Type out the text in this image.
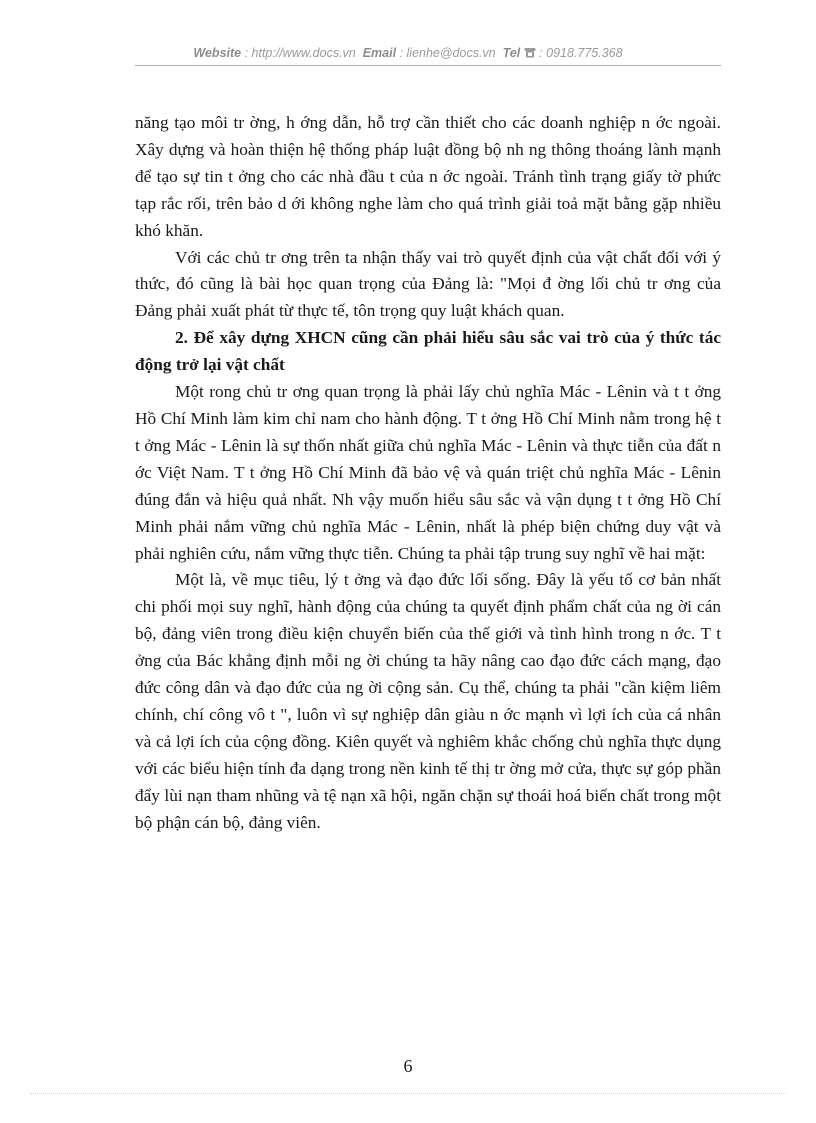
Website : http://www.docs.vn Email : lienhe@docs.vn Tel : 0918.775.368

năng tạo môi tr ờng, h ớng dẫn, hỗ trợ cần thiết cho các doanh nghiệp n ớc ngoài. Xây dựng và hoàn thiện hệ thống pháp luật đồng bộ nh ng thông thoáng lành mạnh để tạo sự tin t ởng cho các nhà đầu t của n ớc ngoài. Tránh tình trạng giấy tờ phức tạp rắc rối, trên bảo d ới không nghe làm cho quá trình giải toả mặt bằng gặp nhiều khó khăn.

Với các chủ tr ơng trên ta nhận thấy vai trò quyết định của vật chất đối với ý thức, đó cũng là bài học quan trọng của Đảng là: "Mọi đ ờng lối chủ tr ơng của Đảng phải xuất phát từ thực tế, tôn trọng quy luật khách quan.

2. Để xây dựng XHCN cũng cần phải hiểu sâu sắc vai trò của ý thức tác động trở lại vật chất

Một rong chủ tr ơng quan trọng là phải lấy chủ nghĩa Mác - Lênin và t t ởng Hồ Chí Minh làm kim chỉ nam cho hành động. T t ởng Hồ Chí Minh nằm trong hệ t t ởng Mác - Lênin là sự thốn nhất giữa chủ nghĩa Mác - Lênin và thực tiễn của đất n ớc Việt Nam. T t ởng Hồ Chí Minh đã bảo vệ và quán triệt chủ nghĩa Mác - Lênin đúng đắn và hiệu quả nhất. Nh vậy muốn hiểu sâu sắc và vận dụng t t ởng Hồ Chí Minh phải nắm vững chủ nghĩa Mác - Lênin, nhất là phép biện chứng duy vật và phải nghiên cứu, nắm vững thực tiễn. Chúng ta phải tập trung suy nghĩ về hai mặt:

Một là, về mục tiêu, lý t ởng và đạo đức lối sống. Đây là yếu tố cơ bản nhất chi phối mọi suy nghĩ, hành động của chúng ta quyết định phẩm chất của ng ời cán bộ, đảng viên trong điều kiện chuyển biến của thế giới và tình hình trong n ớc. T t ởng của Bác khẳng định mỗi ng ời chúng ta hãy nâng cao đạo đức cách mạng, đạo đức công dân và đạo đức của ng ời cộng sản. Cụ thể, chúng ta phải "cần kiệm liêm chính, chí công vô t ", luôn vì sự nghiệp dân giàu n ớc mạnh vì lợi ích của cá nhân và cả lợi ích của cộng đồng. Kiên quyết và nghiêm khắc chống chủ nghĩa thực dụng với các biểu hiện tính đa dạng trong nền kinh tế thị tr ờng mở cửa, thực sự góp phần đẩy lùi nạn tham nhũng và tệ nạn xã hội, ngăn chặn sự thoái hoá biến chất trong một bộ phận cán bộ, đảng viên.

6
